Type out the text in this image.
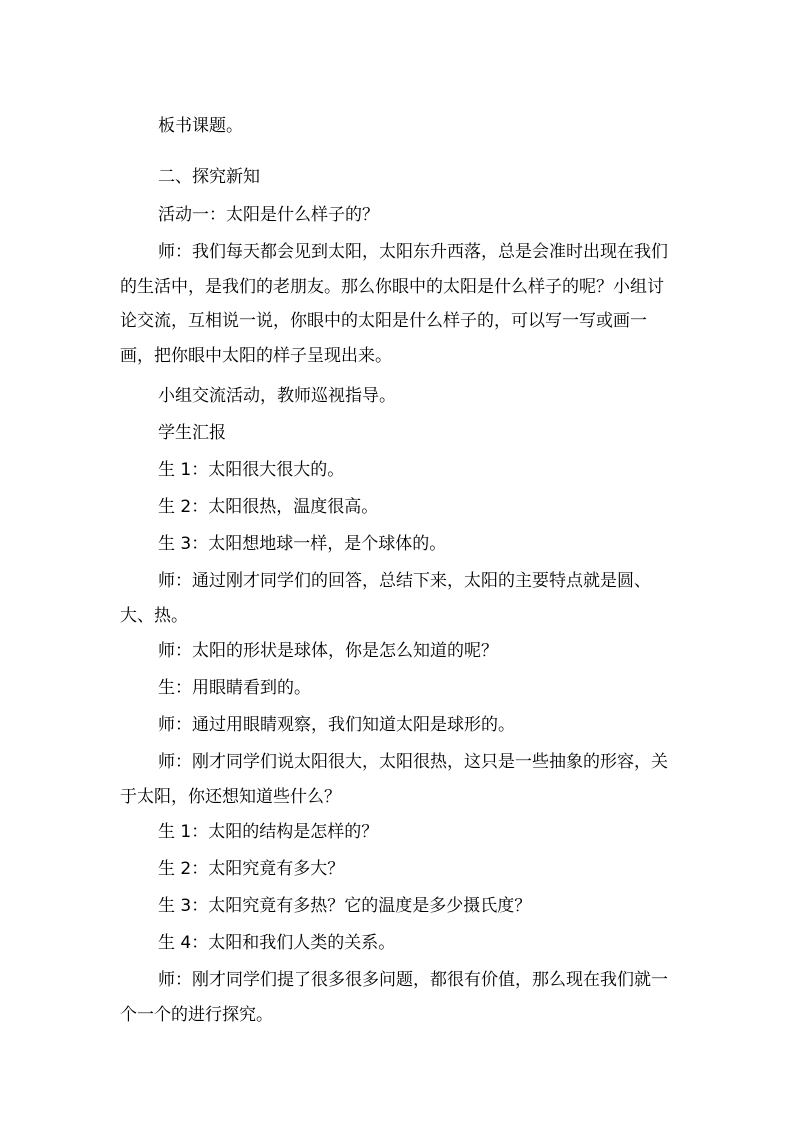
板书课题。

二、探究新知

活动一：太阳是什么样子的？

师：我们每天都会见到太阳，太阳东升西落，总是会准时出现在我们的生活中，是我们的老朋友。那么你眼中的太阳是什么样子的呢？小组讨论交流，互相说一说，你眼中的太阳是什么样子的，可以写一写或画一画，把你眼中太阳的样子呈现出来。

小组交流活动，教师巡视指导。

学生汇报

生 1：太阳很大很大的。

生 2：太阳很热，温度很高。

生 3：太阳想地球一样，是个球体的。

师：通过刚才同学们的回答，总结下来，太阳的主要特点就是圆、大、热。

师：太阳的形状是球体，你是怎么知道的呢？

生：用眼睛看到的。

师：通过用眼睛观察，我们知道太阳是球形的。

师：刚才同学们说太阳很大，太阳很热，这只是一些抽象的形容，关于太阳，你还想知道些什么？

生 1：太阳的结构是怎样的？

生 2：太阳究竟有多大？

生 3：太阳究竟有多热？它的温度是多少摄氏度？

生 4：太阳和我们人类的关系。

师：刚才同学们提了很多很多问题，都很有价值，那么现在我们就一个一个的进行探究。
